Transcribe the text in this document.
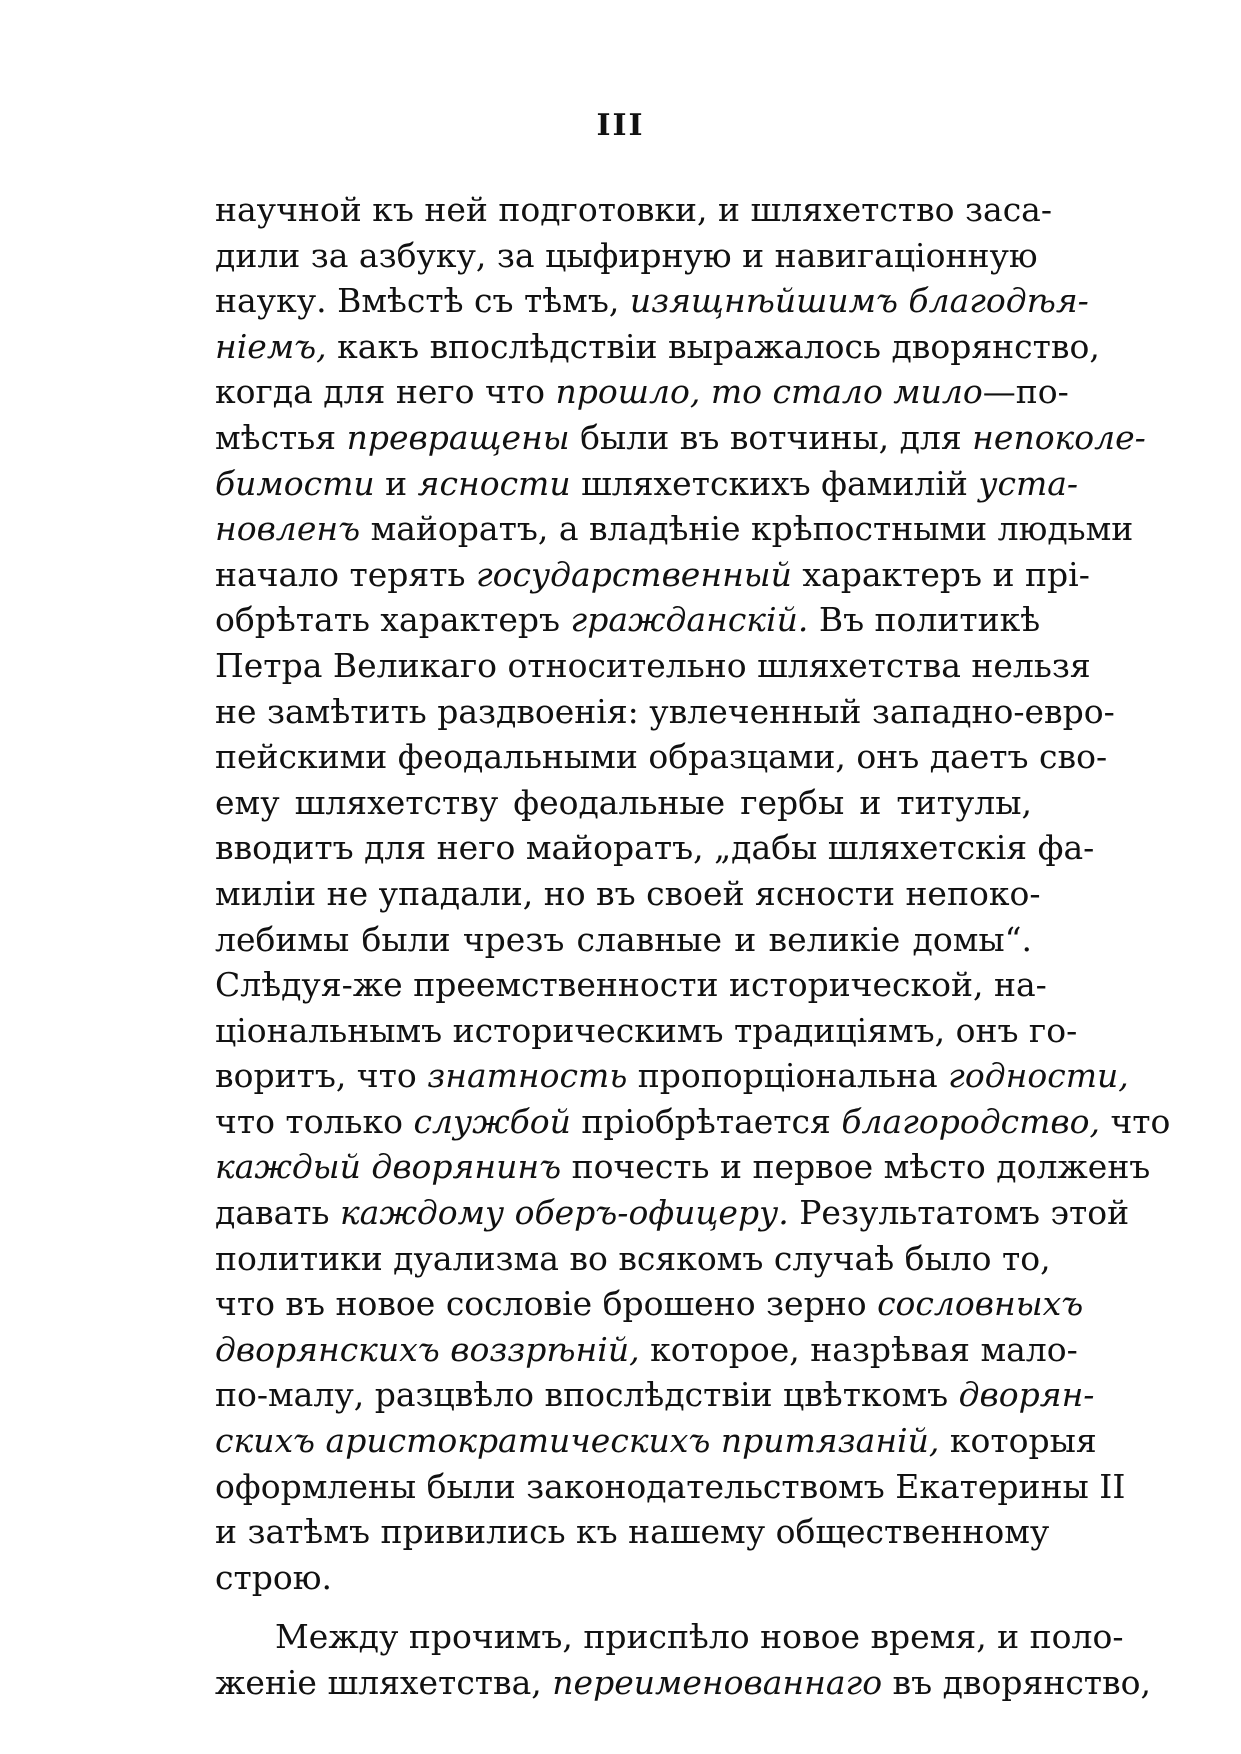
III
научной къ ней подготовки, и шляхетство заса-
дили за азбуку, за цыфирную и навигаціонную
науку. Вмѣстѣ съ тѣмъ, изящнѣйшимъ благодѣя-
ніемъ, какъ впослѣдствіи выражалось дворянство,
когда для него что прошло, то стало мило—по-
мѣстья превращены были въ вотчины, для непоколе-
бимости и ясности шляхетскихъ фамилій уста-
новленъ майоратъ, а владѣніе крѣпостными людьми
начало терять государственный характеръ и прі-
обрѣтать характеръ гражданскій. Въ политикѣ
Петра Великаго относительно шляхетства нельзя
не замѣтить раздвоенія: увлеченный западно-евро-
пейскими феодальными образцами, онъ даетъ сво-
ему шляхетству феодальные гербы и титулы,
вводитъ для него майоратъ, „дабы шляхетскія фа-
миліи не упадали, но въ своей ясности непоко-
лебимы были чрезъ славные и великіе домы“.
Слѣдуя-же преемственности исторической, на-
ціональнымъ историческимъ традиціямъ, онъ го-
воритъ, что знатность пропорціональна годности,
что только службой пріобрѣтается благородство, что
каждый дворянинъ почесть и первое мѣсто долженъ
давать каждому оберъ-офицеру. Результатомъ этой
политики дуализма во всякомъ случаѣ было то,
что въ новое сословіе брошено зерно сословныхъ
дворянскихъ воззрѣній, которое, назрѣвая мало-
по-малу, разцвѣло впослѣдствіи цвѣткомъ дворян-
скихъ аристократическихъ притязаній, которыя
оформлены были законодательствомъ Екатерины II
и затѣмъ привились къ нашему общественному
строю.
Между прочимъ, приспѣло новое время, и поло-
женіе шляхетства, переименованнаго въ дворянство,
